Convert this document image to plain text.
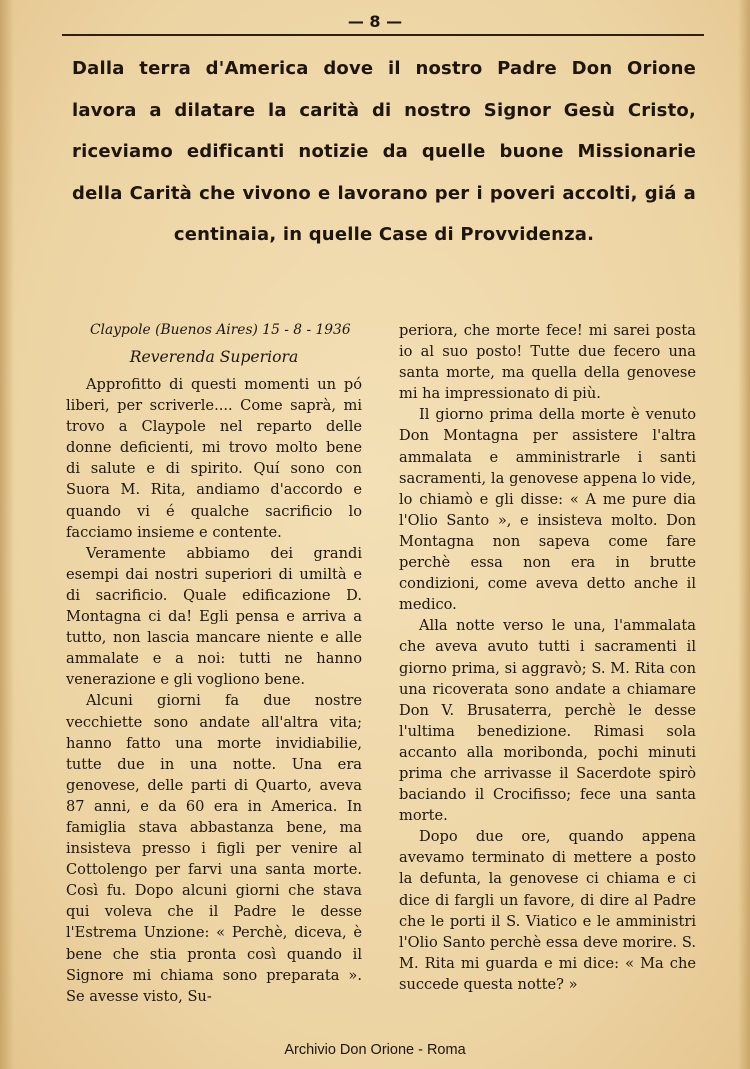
— 8 —
Dalla terra d'America dove il nostro Padre Don Orione lavora a dilatare la carità di nostro Signor Gesù Cristo, riceviamo edificanti notizie da quelle buone Missionarie della Carità che vivono e lavorano per i poveri accolti, giá a centinaia, in quelle Case di Provvidenza.
Claypole (Buenos Aires) 15 - 8 - 1936
Reverenda Superiora

Approfitto di questi momenti un pó liberi, per scriverle.... Come saprà, mi trovo a Claypole nel reparto delle donne deficienti, mi trovo molto bene di salute e di spirito. Quí sono con Suora M. Rita, andiamo d'accordo e quando vi é qualche sacrificio lo facciamo insieme e contente.

Veramente abbiamo dei grandi esempi dai nostri superiori di umiltà e di sacrificio. Quale edificazione D. Montagna ci da! Egli pensa e arriva a tutto, non lascia mancare niente e alle ammalate e a noi: tutti ne hanno venerazione e gli vogliono bene.

Alcuni giorni fa due nostre vecchiette sono andate all'altra vita; hanno fatto una morte invidiabilie, tutte due in una notte. Una era genovese, delle parti di Quarto, aveva 87 anni, e da 60 era in America. In famiglia stava abbastanza bene, ma insisteva presso i figli per venire al Cottolengo per farvi una santa morte. Così fu. Dopo alcuni giorni che stava qui voleva che il Padre le desse l'Estrema Unzione: « Perchè, diceva, è bene che stia pronta così quando il Signore mi chiama sono preparata ». Se avesse visto, Su-

periora, che morte fece! mi sarei posta io al suo posto! Tutte due fecero una santa morte, ma quella della genovese mi ha impressionato di più.

Il giorno prima della morte è venuto Don Montagna per assistere l'altra ammalata e amministrarle i santi sacramenti, la genovese appena lo vide, lo chiamò e gli disse: « A me pure dia l'Olio Santo », e insisteva molto. Don Montagna non sapeva come fare perchè essa non era in brutte condizioni, come aveva detto anche il medico.

Alla notte verso le una, l'ammalata che aveva avuto tutti i sacramenti il giorno prima, si aggravò; S. M. Rita con una ricoverata sono andate a chiamare Don V. Brusaterra, perchè le desse l'ultima benedizione. Rimasi sola accanto alla moribonda, pochi minuti prima che arrivasse il Sacerdote spirò baciando il Crocifisso; fece una santa morte.

Dopo due ore, quando appena avevamo terminato di mettere a posto la defunta, la genovese ci chiama e ci dice di fargli un favore, di dire al Padre che le porti il S. Viatico e le amministri l'Olio Santo perchè essa deve morire. S. M. Rita mi guarda e mi dice: « Ma che succede questa notte? »

Archivio Don Orione - Roma
